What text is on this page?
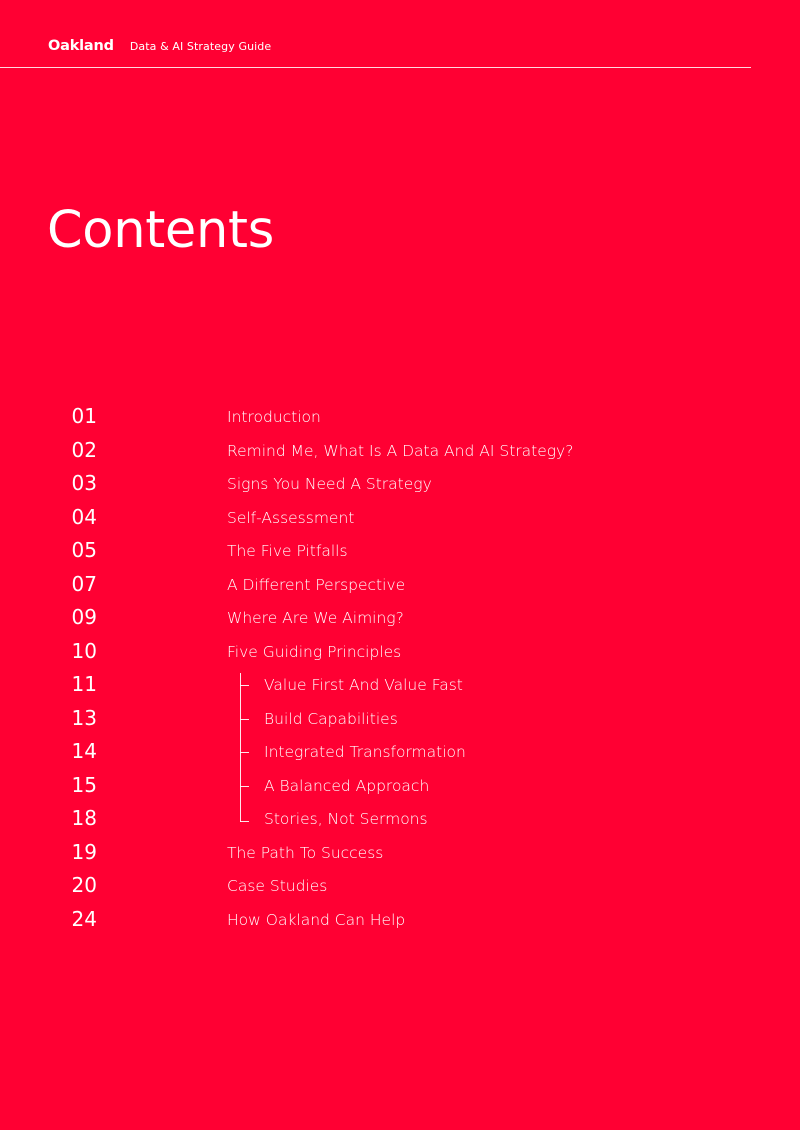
Oakland Data & AI Strategy Guide
Contents
01	Introduction
02	Remind Me, What Is A Data And AI Strategy?
03	Signs You Need A Strategy
04	Self-Assessment
05	The Five Pitfalls
07	A Different Perspective
09	Where Are We Aiming?
10	Five Guiding Principles
11	Value First And Value Fast
13	Build Capabilities
14	Integrated Transformation
15	A Balanced Approach
18	Stories, Not Sermons
19	The Path To Success
20	Case Studies
24	How Oakland Can Help
